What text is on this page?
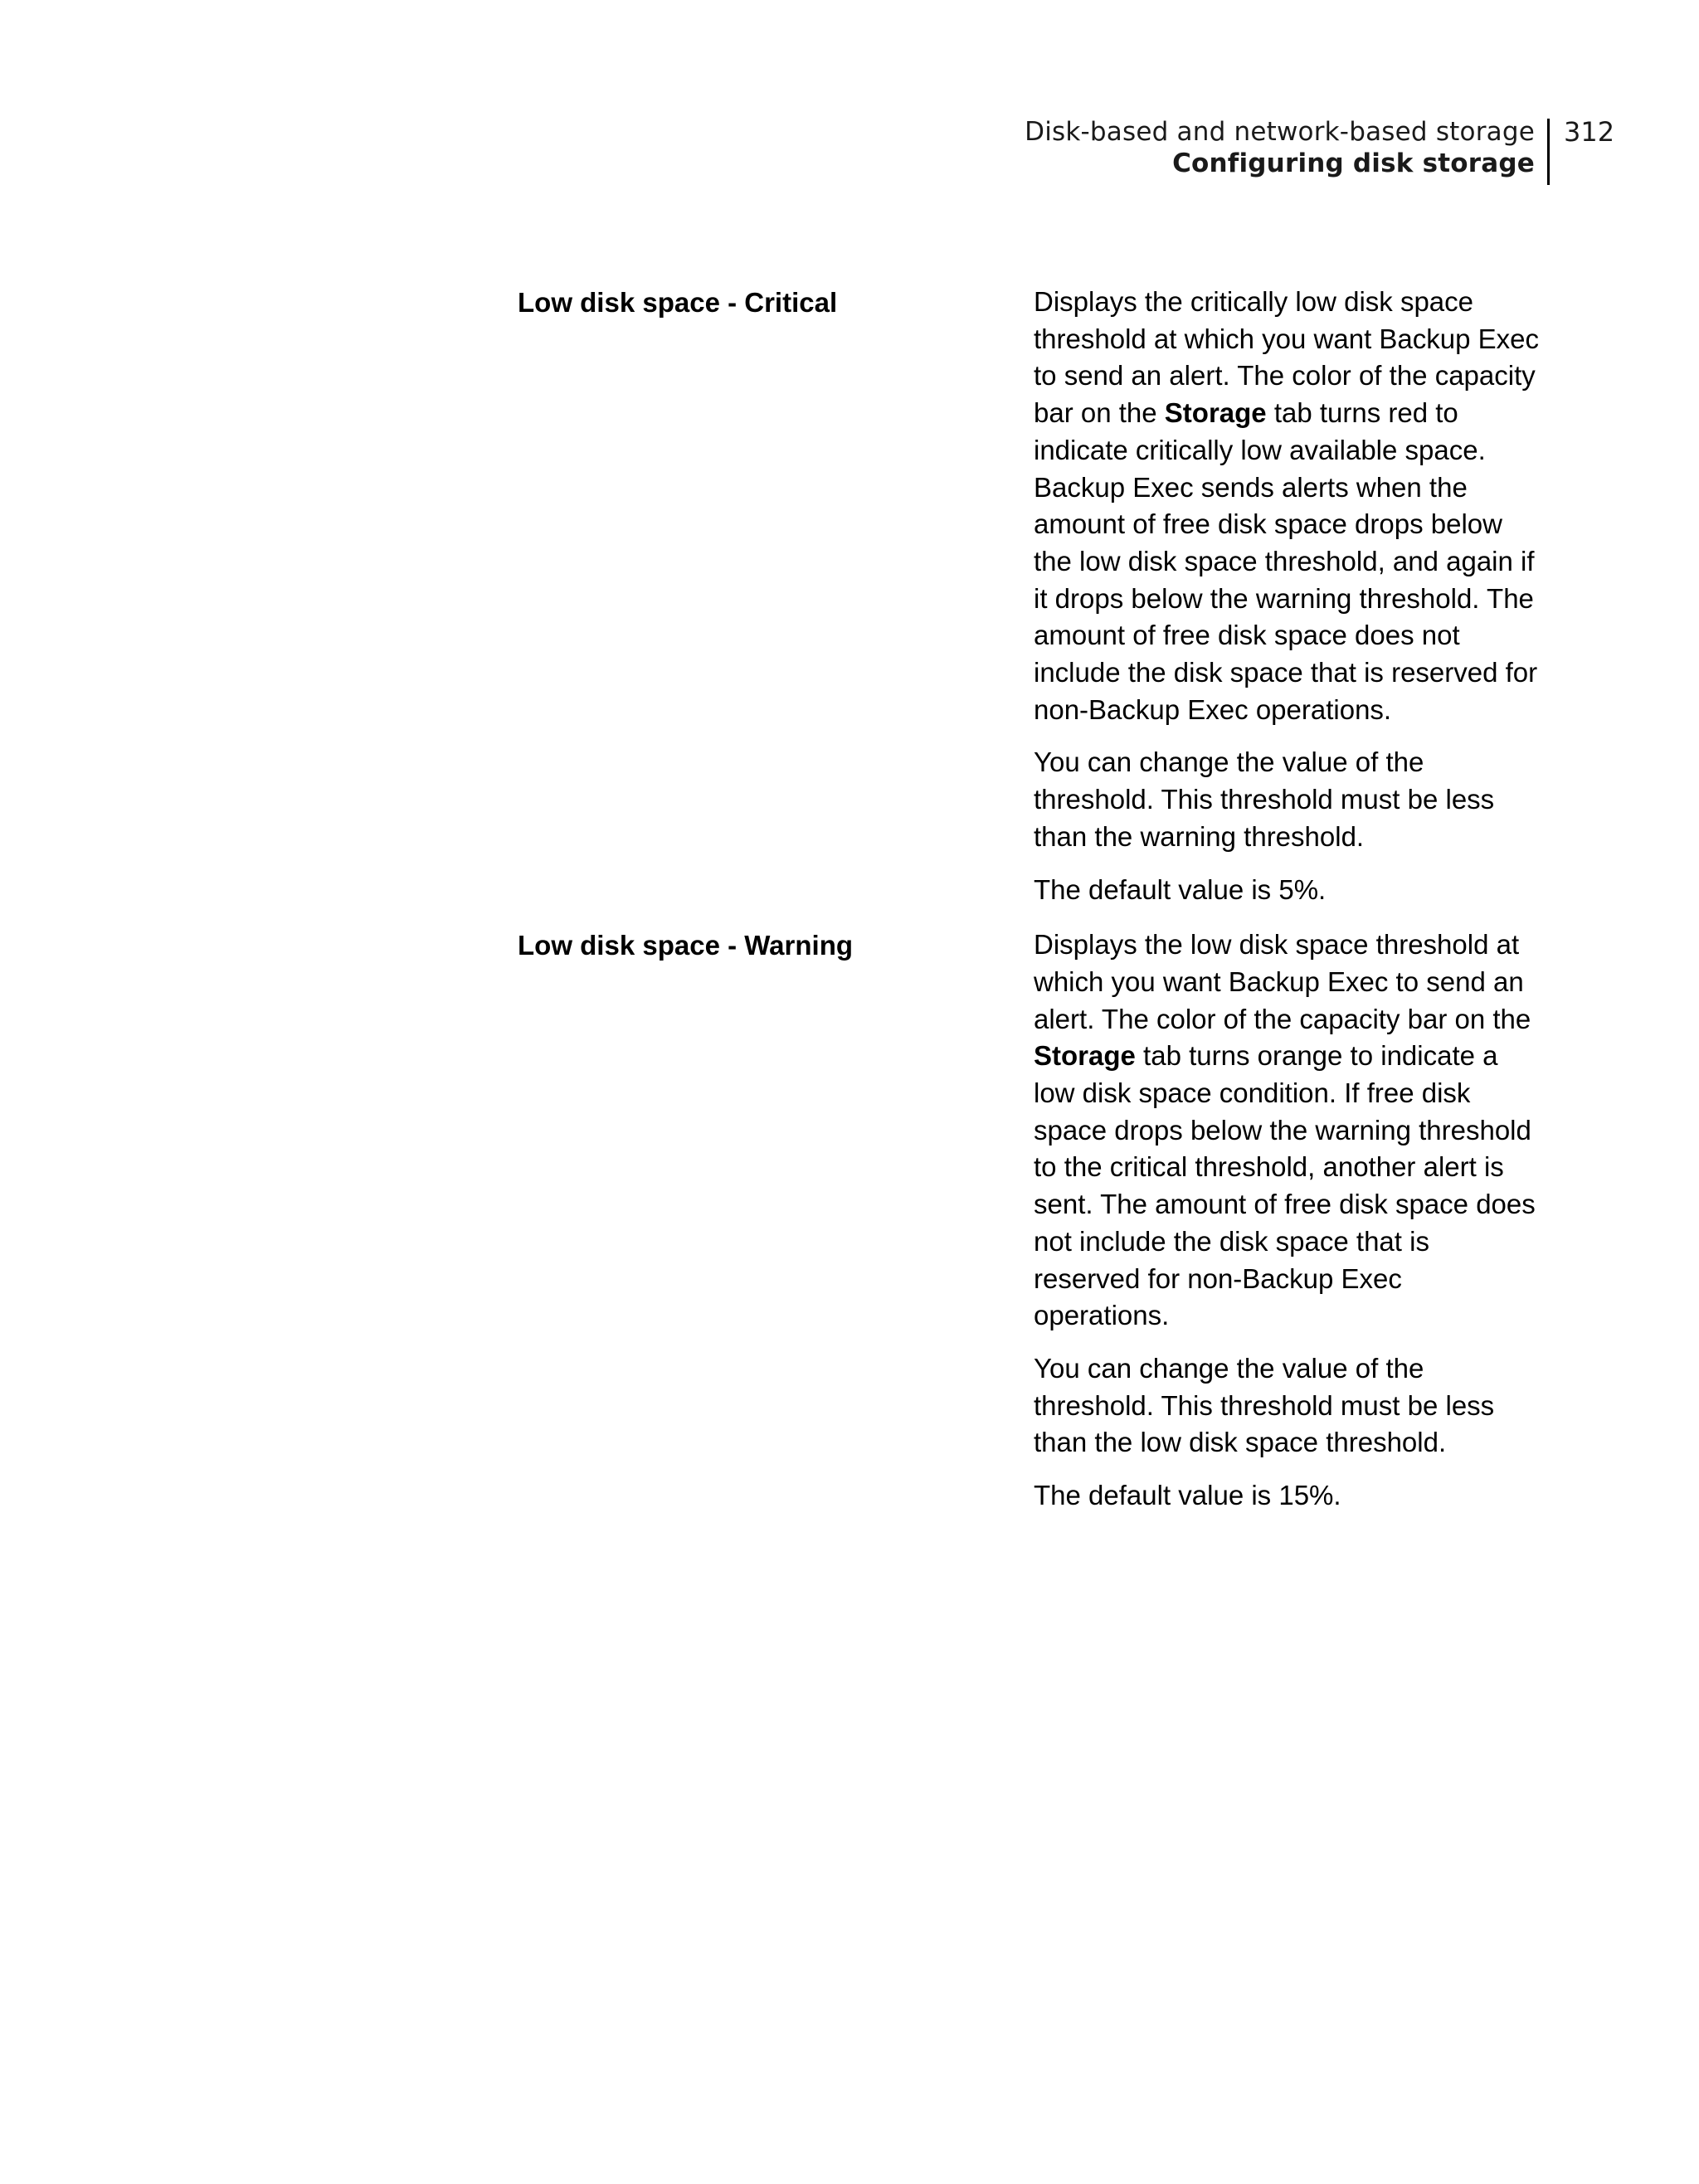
Disk-based and network-based storage
Configuring disk storage
312
Low disk space - Critical	Displays the critically low disk space threshold at which you want Backup Exec to send an alert. The color of the capacity bar on the Storage tab turns red to indicate critically low available space. Backup Exec sends alerts when the amount of free disk space drops below the low disk space threshold, and again if it drops below the warning threshold. The amount of free disk space does not include the disk space that is reserved for non-Backup Exec operations.

You can change the value of the threshold. This threshold must be less than the warning threshold.

The default value is 5%.

Low disk space - Warning	Displays the low disk space threshold at which you want Backup Exec to send an alert. The color of the capacity bar on the Storage tab turns orange to indicate a low disk space condition. If free disk space drops below the warning threshold to the critical threshold, another alert is sent. The amount of free disk space does not include the disk space that is reserved for non-Backup Exec operations.

You can change the value of the threshold. This threshold must be less than the low disk space threshold.

The default value is 15%.
